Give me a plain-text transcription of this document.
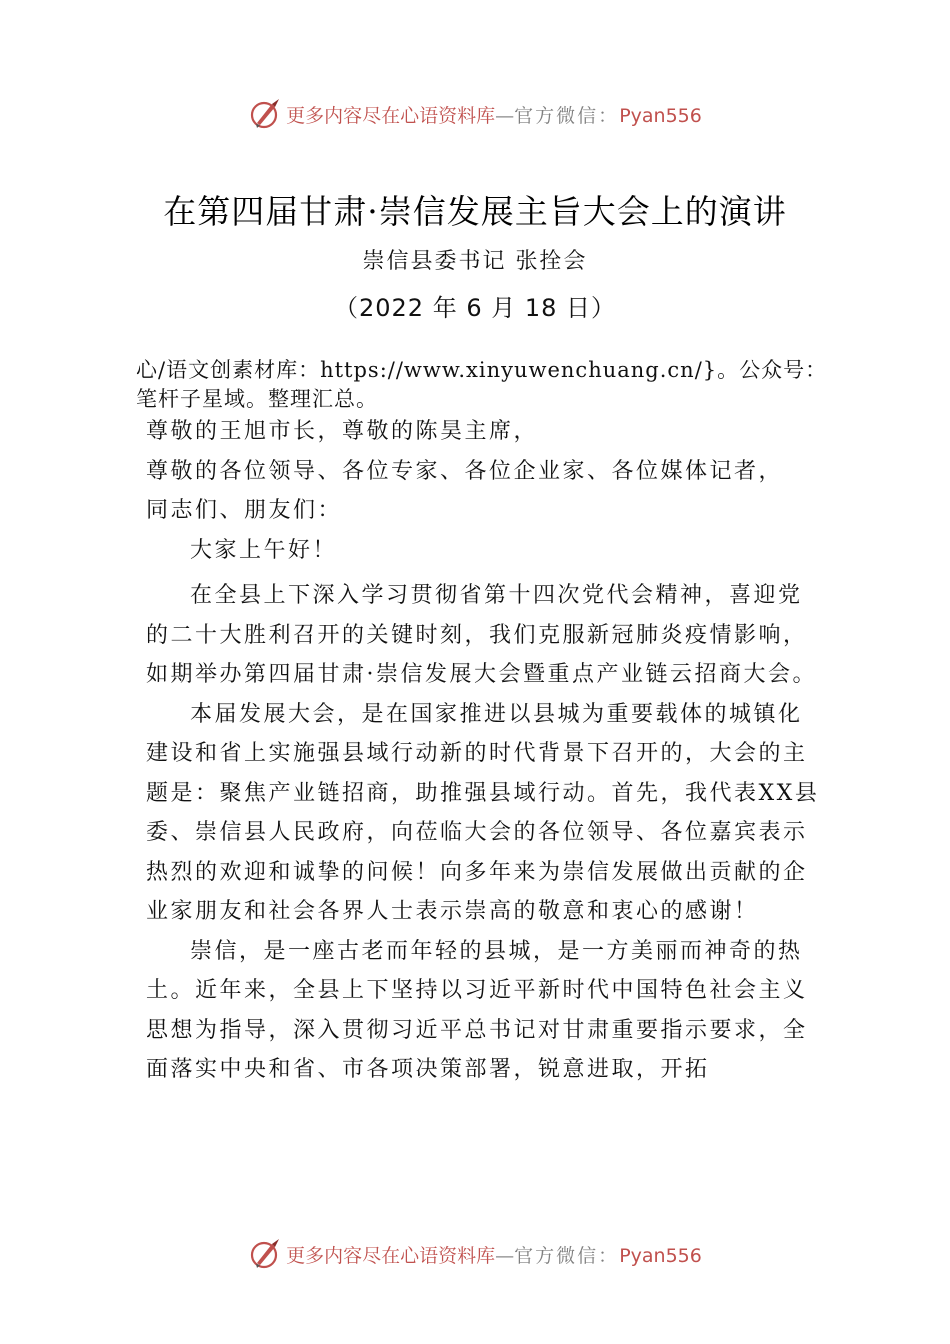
更多内容尽在心语资料库—官方微信：Pyan556
在第四届甘肃·崇信发展主旨大会上的演讲
崇信县委书记 张拴会
（2022 年 6 月 18 日）
心/语文创素材库：https://www.xinyuwenchuang.cn/}。公众号：笔杆子星域。整理汇总。

尊敬的王旭市长，尊敬的陈昊主席，

尊敬的各位领导、各位专家、各位企业家、各位媒体记者，

同志们、朋友们：

大家上午好！

在全县上下深入学习贯彻省第十四次党代会精神，喜迎党的二十大胜利召开的关键时刻，我们克服新冠肺炎疫情影响，如期举办第四届甘肃·崇信发展大会暨重点产业链云招商大会。

本届发展大会，是在国家推进以县城为重要载体的城镇化建设和省上实施强县域行动新的时代背景下召开的，大会的主题是：聚焦产业链招商，助推强县域行动。首先，我代表XX县委、崇信县人民政府，向莅临大会的各位领导、各位嘉宾表示热烈的欢迎和诚挚的问候！向多年来为崇信发展做出贡献的企业家朋友和社会各界人士表示崇高的敬意和衷心的感谢！

崇信，是一座古老而年轻的县城，是一方美丽而神奇的热土。近年来，全县上下坚持以习近平新时代中国特色社会主义思想为指导，深入贯彻习近平总书记对甘肃重要指示要求，全面落实中央和省、市各项决策部署，锐意进取，开拓

更多内容尽在心语资料库—官方微信：Pyan556
